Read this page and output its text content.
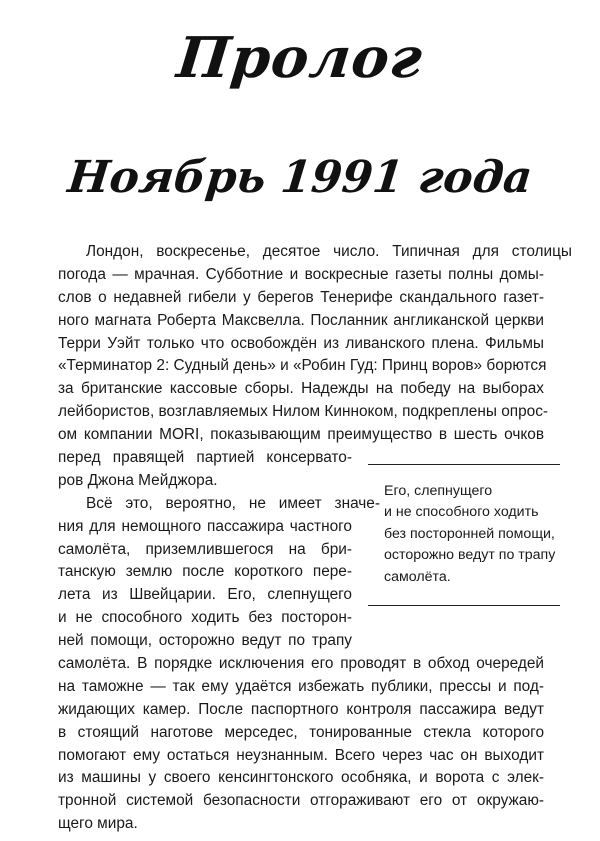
Пролог
Ноябрь 1991 года
Лондон, воскресенье, десятое число. Типичная для столицы
погода — мрачная. Субботние и воскресные газеты полны домы-
слов о недавней гибели у берегов Тенерифе скандального газет-
ного магната Роберта Максвелла. Посланник англиканской церкви
Терри Уэйт только что освобождён из ливанского плена. Фильмы
«Терминатор 2: Судный день» и «Робин Гуд: Принц воров» борются
за британские кассовые сборы. Надежды на победу на выборах
лейбористов, возглавляемых Нилом Кинноком, подкреплены опрос-
ом компании MORI, показывающим преимущество в шесть очков
перед правящей партией консервато-
ров Джона Мейджора.
Всё это, вероятно, не имеет значе-
ния для немощного пассажира частного
самолёта, приземлившегося на бри-
танскую землю после короткого пере-
лета из Швейцарии. Его, слепнущего
и не способного ходить без посторон-
ней помощи, осторожно ведут по трапу
самолёта. В порядке исключения его проводят в обход очередей
на таможне — так ему удаётся избежать публики, прессы и под-
жидающих камер. После паспортного контроля пассажира ведут
в стоящий наготове мерседес, тонированные стекла которого
помогают ему остаться неузнанным. Всего через час он выходит
из машины у своего кенсингтонского особняка, и ворота с элек-
тронной системой безопасности отгораживают его от окружаю-
щего мира.
Его, слепнущего
и не способного ходить
без посторонней помощи,
осторожно ведут по трапу
самолёта.
